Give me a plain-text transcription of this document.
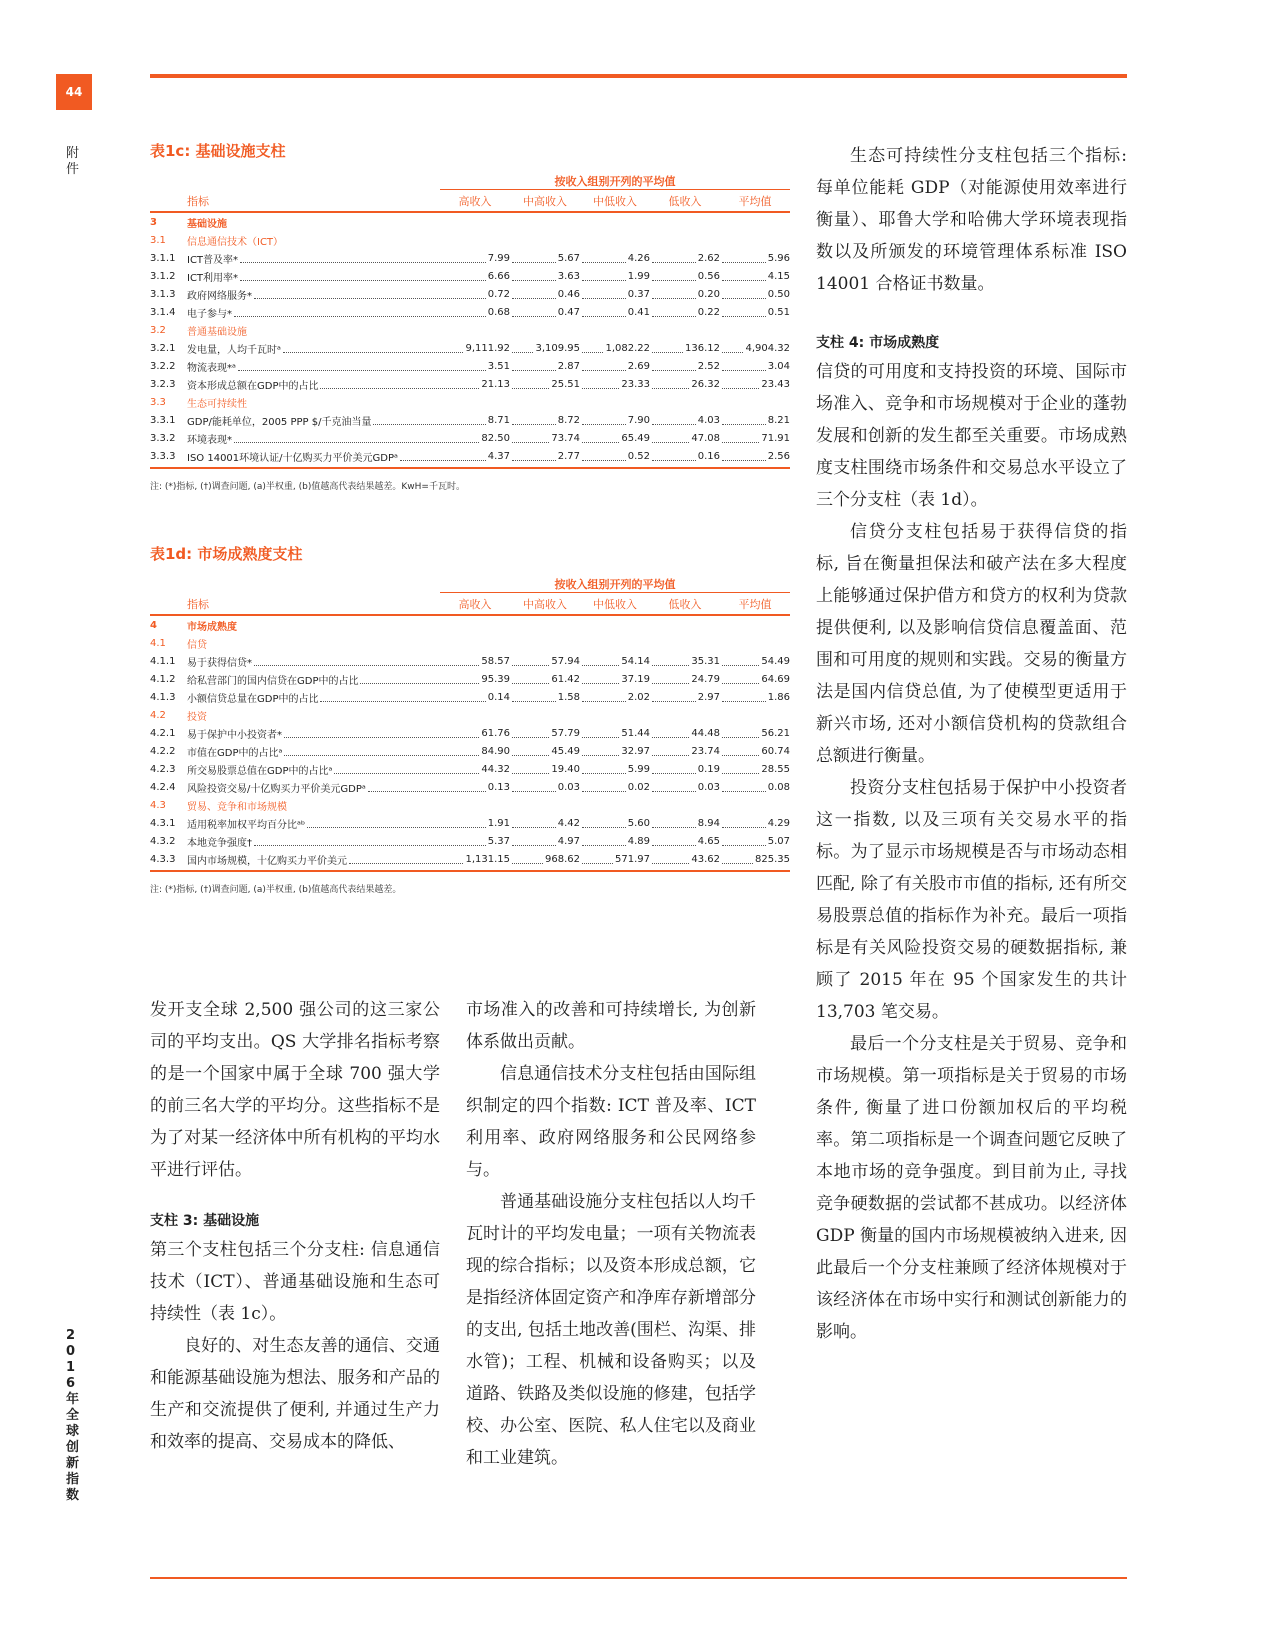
44
附件
2016年全球创新指数
表1c: 基础设施支柱
按收入组别开列的平均值
指标	高收入	中高收入	中低收入	低收入	平均值
3	基础设施
3.1	信息通信技术（ICT）
3.1.1	ICT普及率*	7.99	5.67	4.26	2.62	5.96
3.1.2	ICT利用率*	6.66	3.63	1.99	0.56	4.15
3.1.3	政府网络服务*	0.72	0.46	0.37	0.20	0.50
3.1.4	电子参与*	0.68	0.47	0.41	0.22	0.51
3.2	普通基础设施
3.2.1	发电量，人均千瓦时ᵃ	9,111.92	3,109.95	1,082.22	136.12	4,904.32
3.2.2	物流表现*ᵃ	3.51	2.87	2.69	2.52	3.04
3.2.3	资本形成总额在GDP中的占比	21.13	25.51	23.33	26.32	23.43
3.3	生态可持续性
3.3.1	GDP/能耗单位，2005 PPP $/千克油当量	8.71	8.72	7.90	4.03	8.21
3.3.2	环境表现*	82.50	73.74	65.49	47.08	71.91
3.3.3	ISO 14001环境认证/十亿购买力平价美元GDPᵃ	4.37	2.77	0.52	0.16	2.56
注: (*)指标, (†)调查问题, (a)半权重, (b)值越高代表结果越差。KwH=千瓦时。
表1d: 市场成熟度支柱
按收入组别开列的平均值
指标	高收入	中高收入	中低收入	低收入	平均值
4	市场成熟度
4.1	信贷
4.1.1	易于获得信贷*	58.57	57.94	54.14	35.31	54.49
4.1.2	给私营部门的国内信贷在GDP中的占比	95.39	61.42	37.19	24.79	64.69
4.1.3	小额信贷总量在GDP中的占比	0.14	1.58	2.02	2.97	1.86
4.2	投资
4.2.1	易于保护中小投资者*	61.76	57.79	51.44	44.48	56.21
4.2.2	市值在GDP中的占比ᵃ	84.90	45.49	32.97	23.74	60.74
4.2.3	所交易股票总值在GDP中的占比ᵃ	44.32	19.40	5.99	0.19	28.55
4.2.4	风险投资交易/十亿购买力平价美元GDPᵃ	0.13	0.03	0.02	0.03	0.08
4.3	贸易、竞争和市场规模
4.3.1	适用税率加权平均百分比ᵃᵇ	1.91	4.42	5.60	8.94	4.29
4.3.2	本地竞争强度†	5.37	4.97	4.89	4.65	5.07
4.3.3	国内市场规模，十亿购买力平价美元	1,131.15	968.62	571.97	43.62	825.35
注: (*)指标, (†)调查问题, (a)半权重, (b)值越高代表结果越差。

发开支全球 2,500 强公司的这三家公司的平均支出。QS 大学排名指标考察的是一个国家中属于全球 700 强大学的前三名大学的平均分。这些指标不是为了对某一经济体中所有机构的平均水平进行评估。

支柱 3: 基础设施

第三个支柱包括三个分支柱: 信息通信技术（ICT）、普通基础设施和生态可持续性（表 1c）。

良好的、对生态友善的通信、交通和能源基础设施为想法、服务和产品的生产和交流提供了便利, 并通过生产力和效率的提高、交易成本的降低、

市场准入的改善和可持续增长, 为创新体系做出贡献。

信息通信技术分支柱包括由国际组织制定的四个指数: ICT 普及率、ICT 利用率、政府网络服务和公民网络参与。

普通基础设施分支柱包括以人均千瓦时计的平均发电量；一项有关物流表现的综合指标；以及资本形成总额，它是指经济体固定资产和净库存新增部分的支出, 包括土地改善(围栏、沟渠、排水管)；工程、机械和设备购买；以及道路、铁路及类似设施的修建，包括学校、办公室、医院、私人住宅以及商业和工业建筑。

生态可持续性分支柱包括三个指标: 每单位能耗 GDP（对能源使用效率进行衡量）、耶鲁大学和哈佛大学环境表现指数以及所颁发的环境管理体系标准 ISO 14001 合格证书数量。

支柱 4: 市场成熟度

信贷的可用度和支持投资的环境、国际市场准入、竞争和市场规模对于企业的蓬勃发展和创新的发生都至关重要。市场成熟度支柱围绕市场条件和交易总水平设立了三个分支柱（表 1d）。

信贷分支柱包括易于获得信贷的指标, 旨在衡量担保法和破产法在多大程度上能够通过保护借方和贷方的权利为贷款提供便利, 以及影响信贷信息覆盖面、范围和可用度的规则和实践。交易的衡量方法是国内信贷总值, 为了使模型更适用于新兴市场, 还对小额信贷机构的贷款组合总额进行衡量。

投资分支柱包括易于保护中小投资者这一指数, 以及三项有关交易水平的指标。为了显示市场规模是否与市场动态相匹配, 除了有关股市市值的指标, 还有所交易股票总值的指标作为补充。最后一项指标是有关风险投资交易的硬数据指标, 兼顾了 2015 年在 95 个国家发生的共计 13,703 笔交易。

最后一个分支柱是关于贸易、竞争和市场规模。第一项指标是关于贸易的市场条件, 衡量了进口份额加权后的平均税率。第二项指标是一个调查问题它反映了本地市场的竞争强度。到目前为止, 寻找竞争硬数据的尝试都不甚成功。以经济体 GDP 衡量的国内市场规模被纳入进来, 因此最后一个分支柱兼顾了经济体规模对于该经济体在市场中实行和测试创新能力的影响。
